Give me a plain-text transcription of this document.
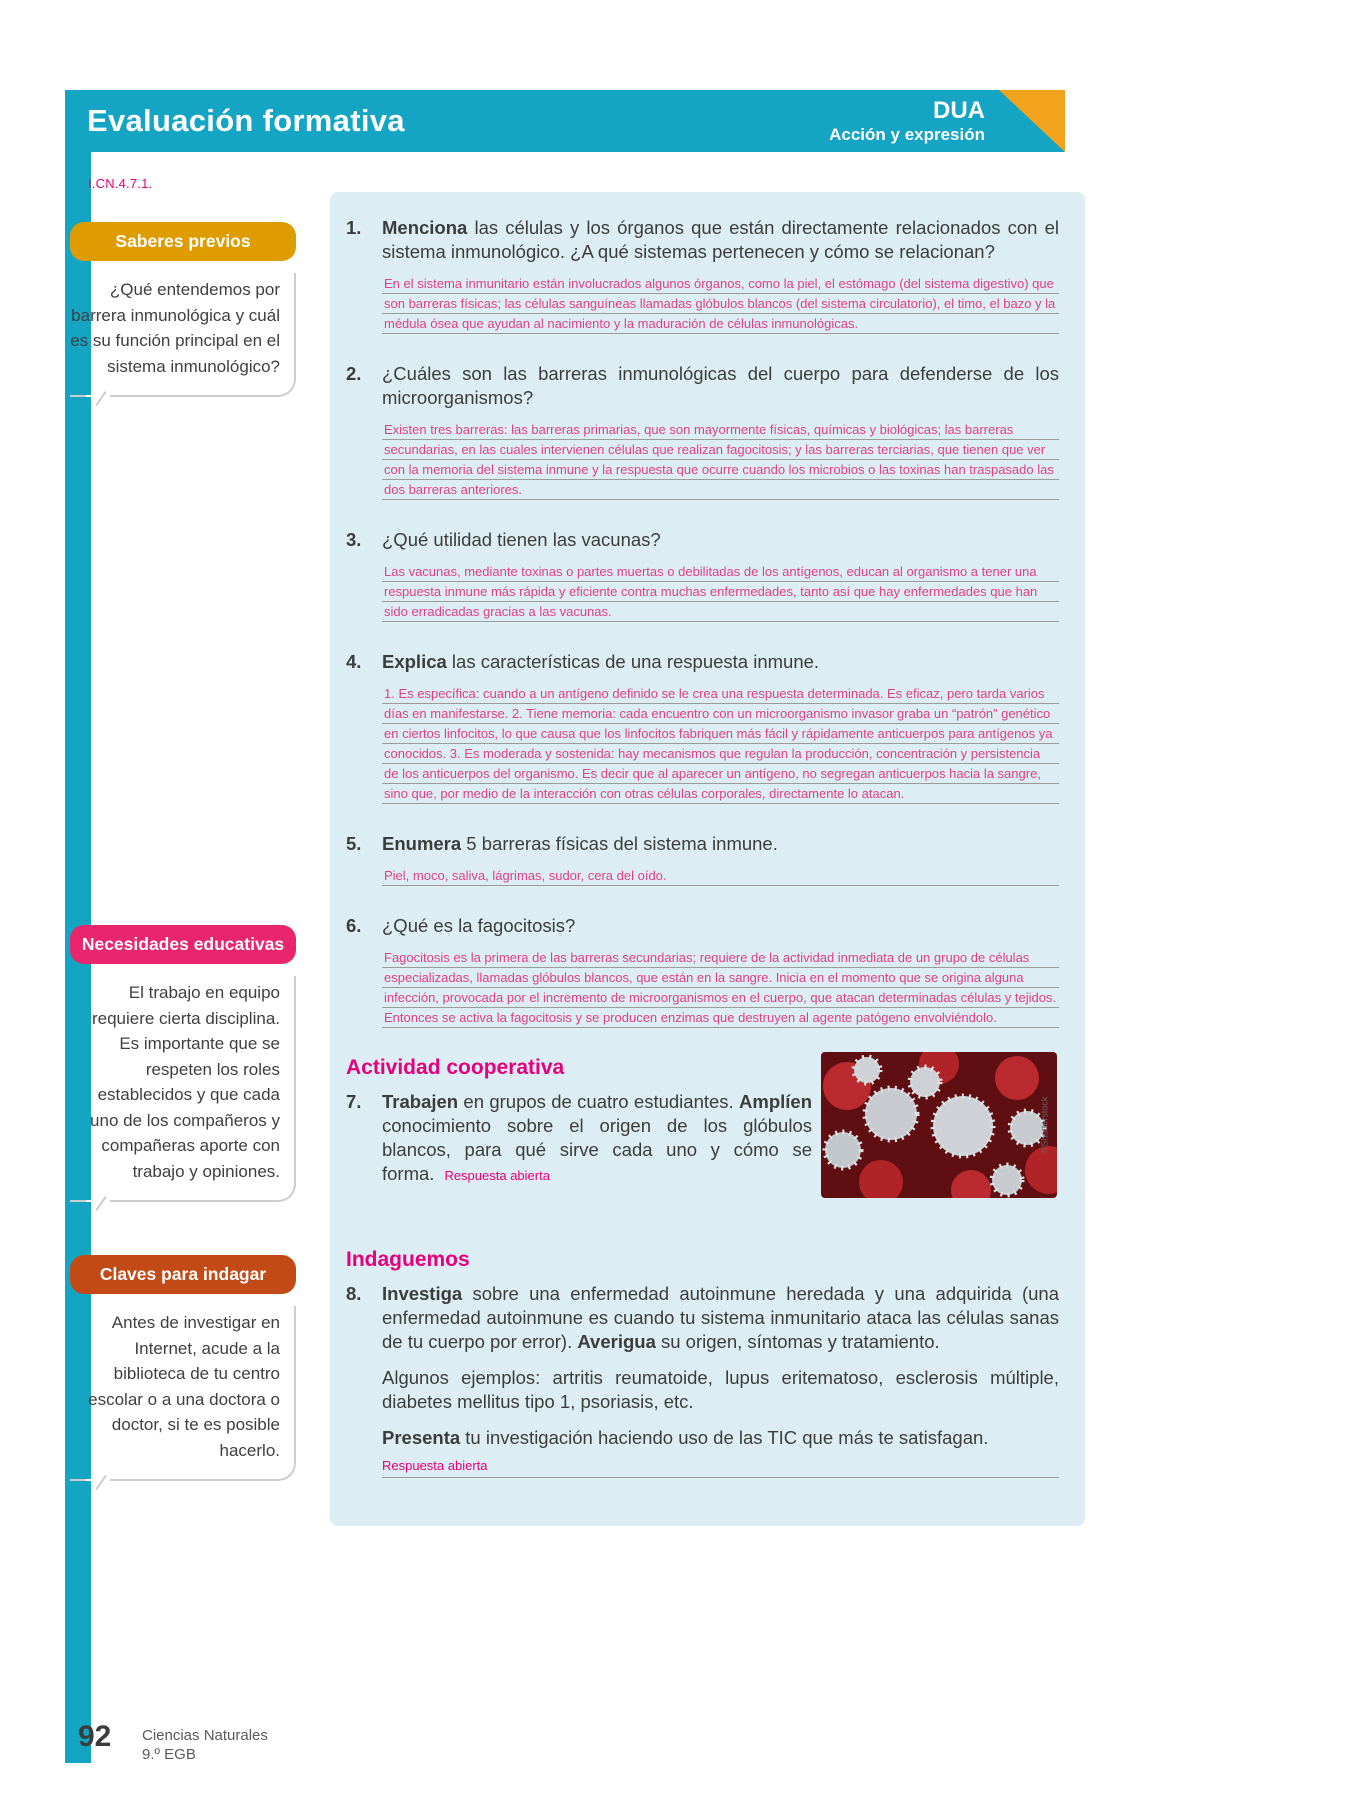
Evaluación formativa	DUA
Acción y expresión
I.CN.4.7.1.
Saberes previos
¿Qué entendemos por barrera inmunológica y cuál es su función principal en el sistema inmunológico?
Necesidades educativas
El trabajo en equipo requiere cierta disciplina. Es importante que se respeten los roles establecidos y que cada uno de los compañeros y compañeras aporte con trabajo y opiniones.
Claves para indagar
Antes de investigar en Internet, acude a la biblioteca de tu centro escolar o a una doctora o doctor, si te es posible hacerlo.
1.	Menciona las células y los órganos que están directamente relacionados con el sistema inmunológico. ¿A qué sistemas pertenecen y cómo se relacionan?
En el sistema inmunitario están involucrados algunos órganos, como la piel, el estómago (del sistema digestivo) que son barreras físicas; las células sanguíneas llamadas glóbulos blancos (del sistema circulatorio), el timo, el bazo y la médula ósea que ayudan al nacimiento y la maduración de células inmunológicas.
2.	¿Cuáles son las barreras inmunológicas del cuerpo para defenderse de los microorganismos?
Existen tres barreras: las barreras primarias, que son mayormente físicas, químicas y biológicas; las barreras secundarias, en las cuales intervienen células que realizan fagocitosis; y las barreras terciarias, que tienen que ver con la memoria del sistema inmune y la respuesta que ocurre cuando los microbios o las toxinas han traspasado las dos barreras anteriores.
3.	¿Qué utilidad tienen las vacunas?
Las vacunas, mediante toxinas o partes muertas o debilitadas de los antígenos, educan al organismo a tener una respuesta inmune más rápida y eficiente contra muchas enfermedades, tanto así que hay enfermedades que han sido erradicadas gracias a las vacunas.
4.	Explica las características de una respuesta inmune.
1. Es específica: cuando a un antígeno definido se le crea una respuesta determinada. Es eficaz, pero tarda varios días en manifestarse. 2. Tiene memoria: cada encuentro con un microorganismo invasor graba un “patrón” genético en ciertos linfocitos, lo que causa que los linfocitos fabriquen más fácil y rápidamente anticuerpos para antígenos ya conocidos. 3. Es moderada y sostenida: hay mecanismos que regulan la producción, concentración y persistencia de los anticuerpos del organismo. Es decir que al aparecer un antígeno, no segregan anticuerpos hacia la sangre, sino que, por medio de la interacción con otras células corporales, directamente lo atacan.
5.	Enumera 5 barreras físicas del sistema inmune.
Piel, moco, saliva, lágrimas, sudor, cera del oído.
6.	¿Qué es la fagocitosis?
Fagocitosis es la primera de las barreras secundarias; requiere de la actividad inmediata de un grupo de células especializadas, llamadas glóbulos blancos, que están en la sangre. Inicia en el momento que se origina alguna infección, provocada por el incremento de microorganismos en el cuerpo, que atacan determinadas células y tejidos. Entonces se activa la fagocitosis y se producen enzimas que destruyen al agente patógeno envolviéndolo.
Actividad cooperativa
7.	Trabajen en grupos de cuatro estudiantes. Amplíen conocimiento sobre el origen de los glóbulos blancos, para qué sirve cada uno y cómo se forma. Respuesta abierta
©Shutterstock
Indaguemos
8.	Investiga sobre una enfermedad autoinmune heredada y una adquirida (una enfermedad autoinmune es cuando tu sistema inmunitario ataca las células sanas de tu cuerpo por error). Averigua su origen, síntomas y tratamiento.

Algunos ejemplos: artritis reumatoide, lupus eritematoso, esclerosis múltiple, diabetes mellitus tipo 1, psoriasis, etc.

Presenta tu investigación haciendo uso de las TIC que más te satisfagan.

Respuesta abierta
92 Ciencias Naturales
9.º EGB
